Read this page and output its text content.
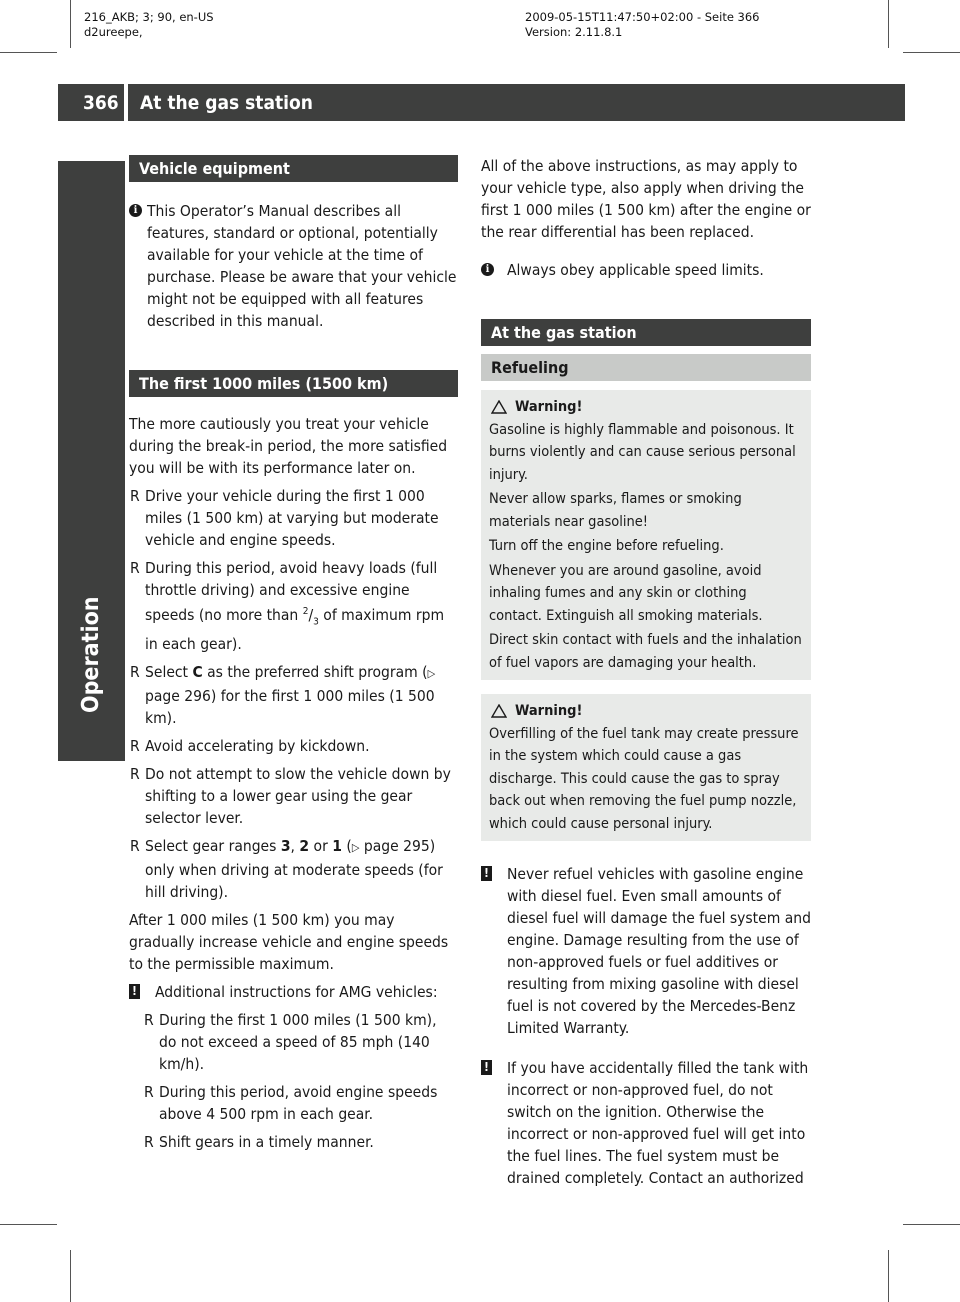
216_AKB; 3; 90, en-US
d2ureepe,
2009-05-15T11:47:50+02:00 - Seite 366
Version: 2.11.8.1
366 At the gas station
Operation
Vehicle equipment
i This Operator’s Manual describes all features, standard or optional, potentially available for your vehicle at the time of purchase. Please be aware that your vehicle might not be equipped with all features described in this manual.

The first 1000 miles (1500 km)

The more cautiously you treat your vehicle during the break-in period, the more satisfied you will be with its performance later on.

R Drive your vehicle during the first 1 000 miles (1 500 km) at varying but moderate vehicle and engine speeds.

R During this period, avoid heavy loads (full throttle driving) and excessive engine speeds (no more than $^2/_3$ of maximum rpm in each gear).

R Select C as the preferred shift program (▷ page 296) for the first 1 000 miles (1 500 km).

R Avoid accelerating by kickdown.

R Do not attempt to slow the vehicle down by shifting to a lower gear using the gear selector lever.

R Select gear ranges 3, 2 or 1 (▷ page 295) only when driving at moderate speeds (for hill driving).

After 1 000 miles (1 500 km) you may gradually increase vehicle and engine speeds to the permissible maximum.

!	Additional instructions for AMG vehicles:

R During the first 1 000 miles (1 500 km), do not exceed a speed of 85 mph (140 km/h).

R During this period, avoid engine speeds above 4 500 rpm in each gear.

R Shift gears in a timely manner.

All of the above instructions, as may apply to your vehicle type, also apply when driving the first 1 000 miles (1 500 km) after the engine or the rear differential has been replaced.

i	Always obey applicable speed limits.

At the gas station
Refueling
Warning!

Gasoline is highly flammable and poisonous. It burns violently and can cause serious personal injury.

Never allow sparks, flames or smoking materials near gasoline!

Turn off the engine before refueling.

Whenever you are around gasoline, avoid inhaling fumes and any skin or clothing contact. Extinguish all smoking materials.

Direct skin contact with fuels and the inhalation of fuel vapors are damaging your health.

Warning!

Overfilling of the fuel tank may create pressure in the system which could cause a gas discharge. This could cause the gas to spray back out when removing the fuel pump nozzle, which could cause personal injury.

!	Never refuel vehicles with gasoline engine with diesel fuel. Even small amounts of diesel fuel will damage the fuel system and engine. Damage resulting from the use of non-approved fuels or fuel additives or resulting from mixing gasoline with diesel fuel is not covered by the Mercedes-Benz Limited Warranty.

!	If you have accidentally filled the tank with incorrect or non-approved fuel, do not switch on the ignition. Otherwise the incorrect or non-approved fuel will get into the fuel lines. The fuel system must be drained completely. Contact an authorized
